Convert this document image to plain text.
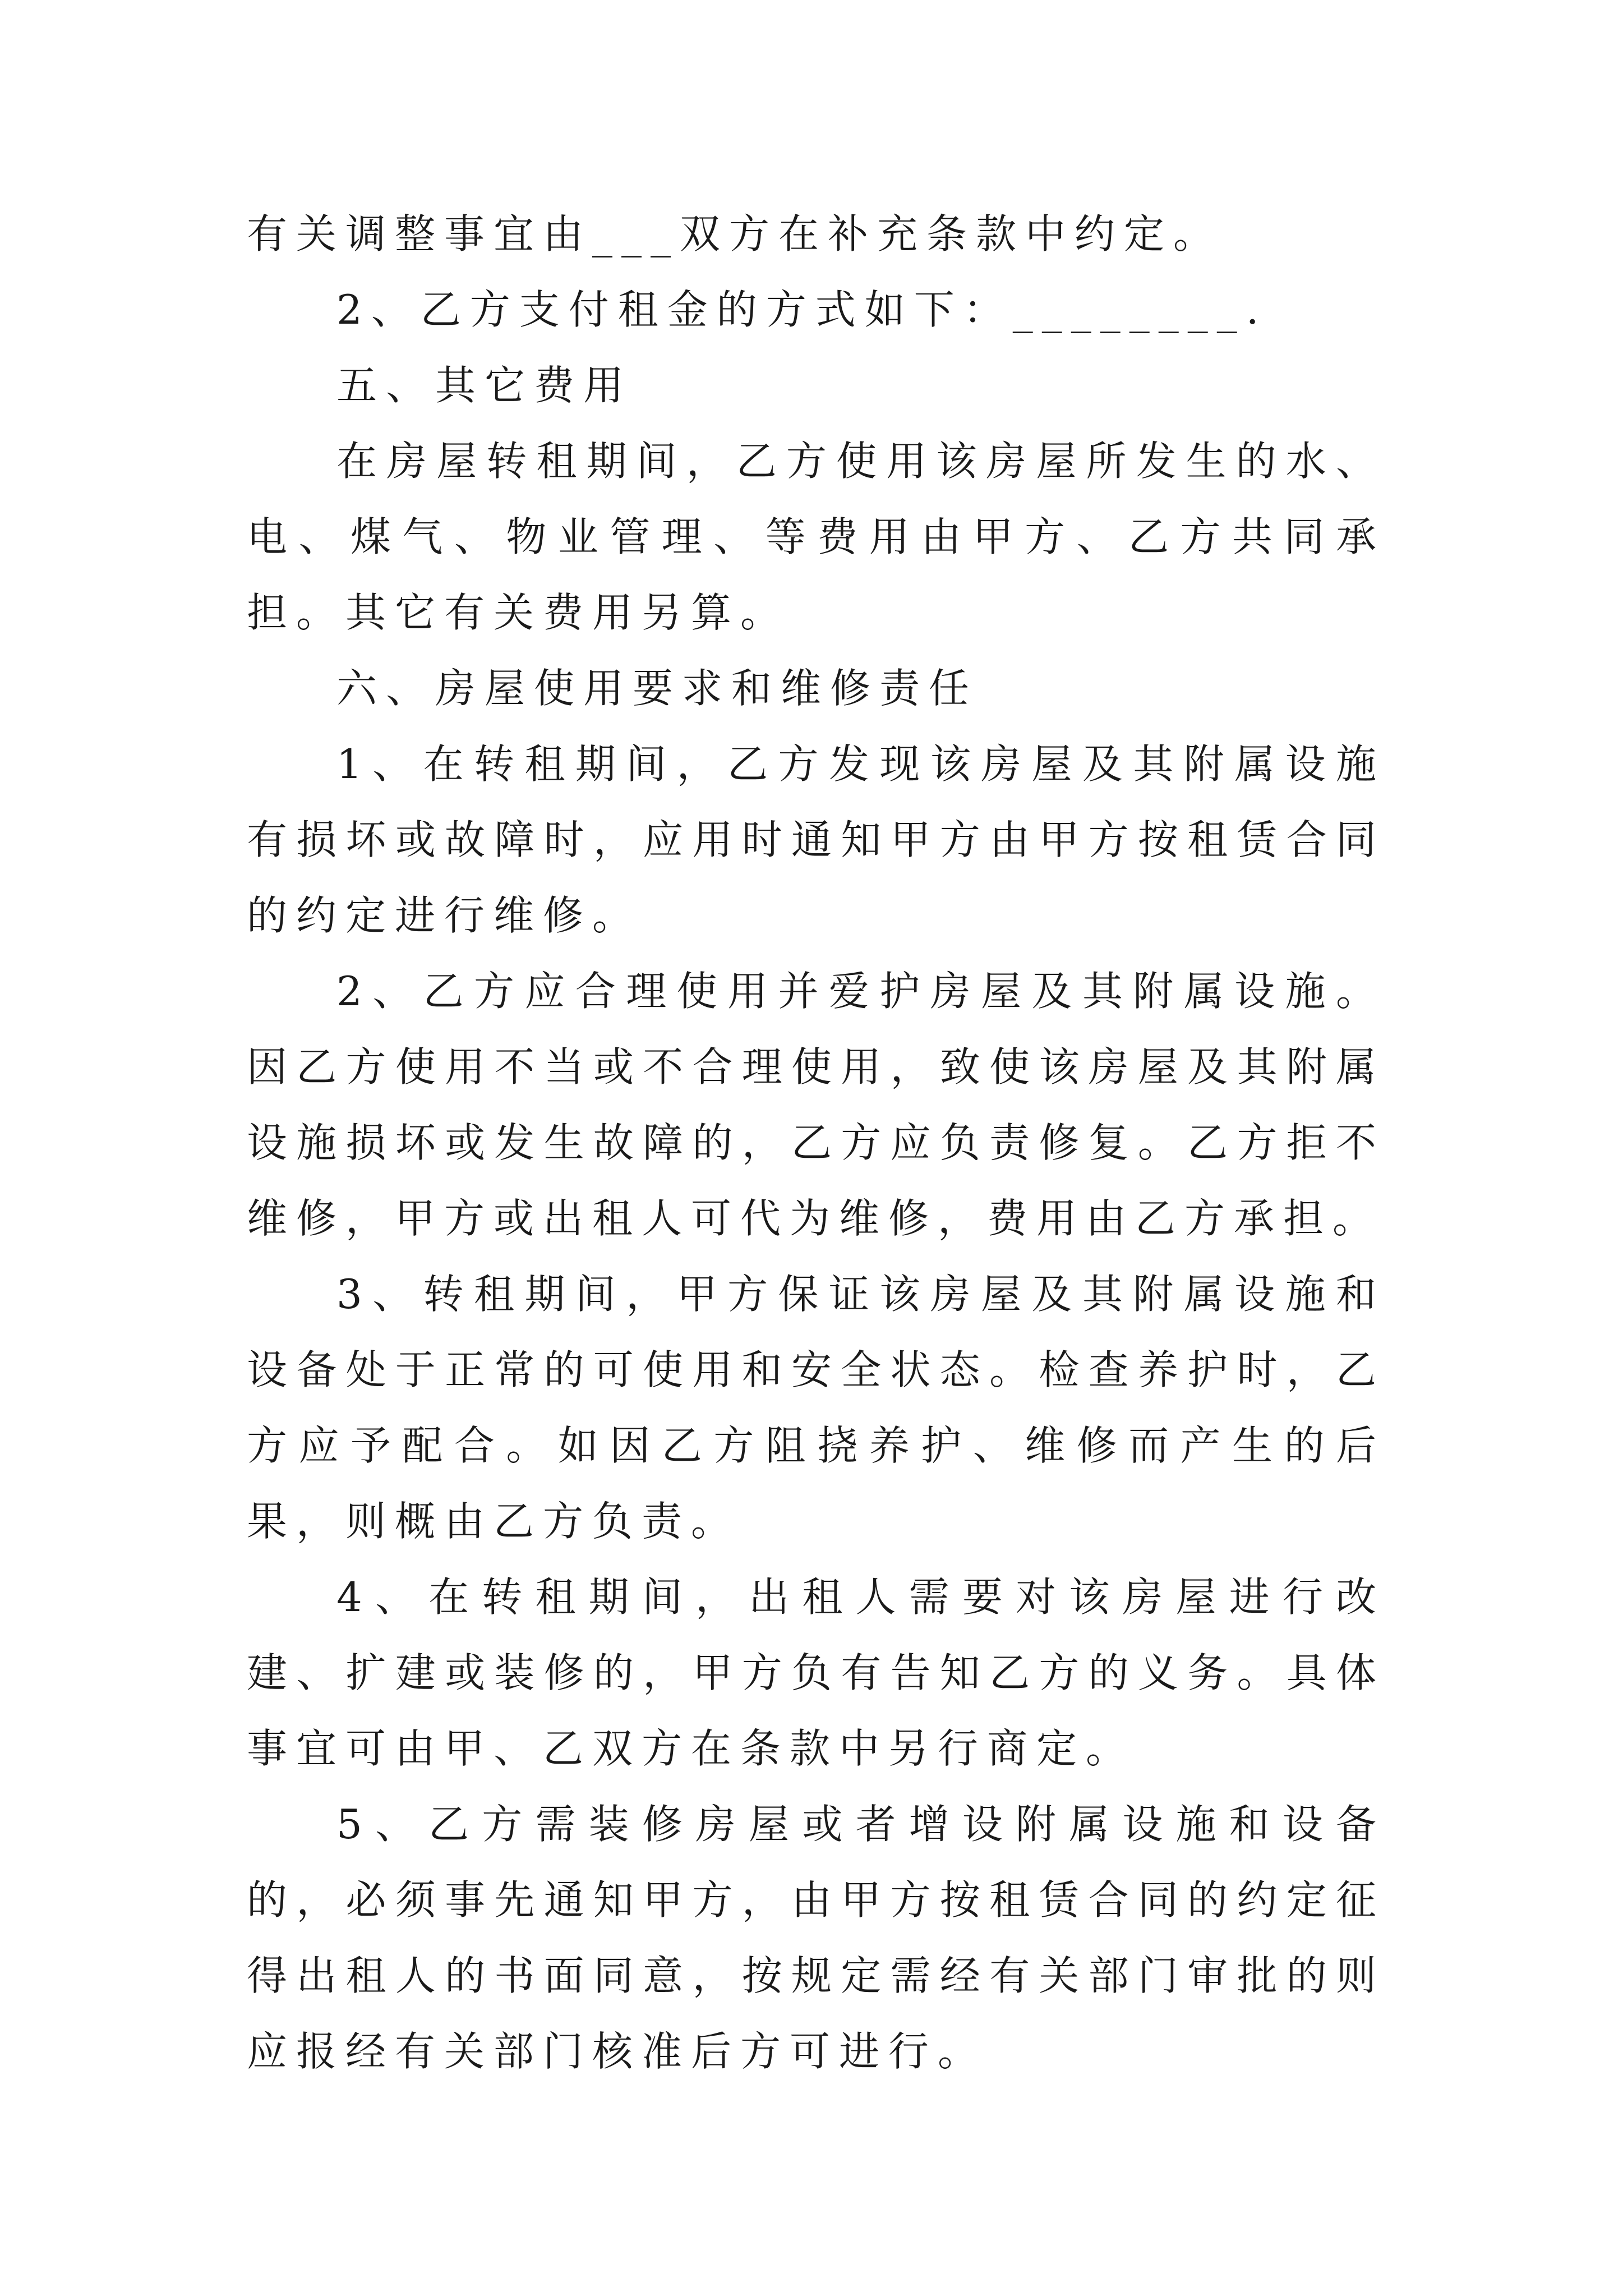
有关调整事宜由___双方在补充条款中约定。

2、乙方支付租金的方式如下：________.

五、其它费用

在房屋转租期间，乙方使用该房屋所发生的水、电、煤气、物业管理、等费用由甲方、乙方共同承担。其它有关费用另算。

六、房屋使用要求和维修责任

1、在转租期间，乙方发现该房屋及其附属设施有损坏或故障时，应用时通知甲方由甲方按租赁合同的约定进行维修。

2、乙方应合理使用并爱护房屋及其附属设施。因乙方使用不当或不合理使用，致使该房屋及其附属设施损坏或发生故障的，乙方应负责修复。乙方拒不维修，甲方或出租人可代为维修，费用由乙方承担。

3、转租期间，甲方保证该房屋及其附属设施和设备处于正常的可使用和安全状态。检查养护时，乙方应予配合。如因乙方阻挠养护、维修而产生的后果，则概由乙方负责。

4、在转租期间，出租人需要对该房屋进行改建、扩建或装修的，甲方负有告知乙方的义务。具体事宜可由甲、乙双方在条款中另行商定。

5、乙方需装修房屋或者增设附属设施和设备的，必须事先通知甲方，由甲方按租赁合同的约定征得出租人的书面同意，按规定需经有关部门审批的则应报经有关部门核准后方可进行。
